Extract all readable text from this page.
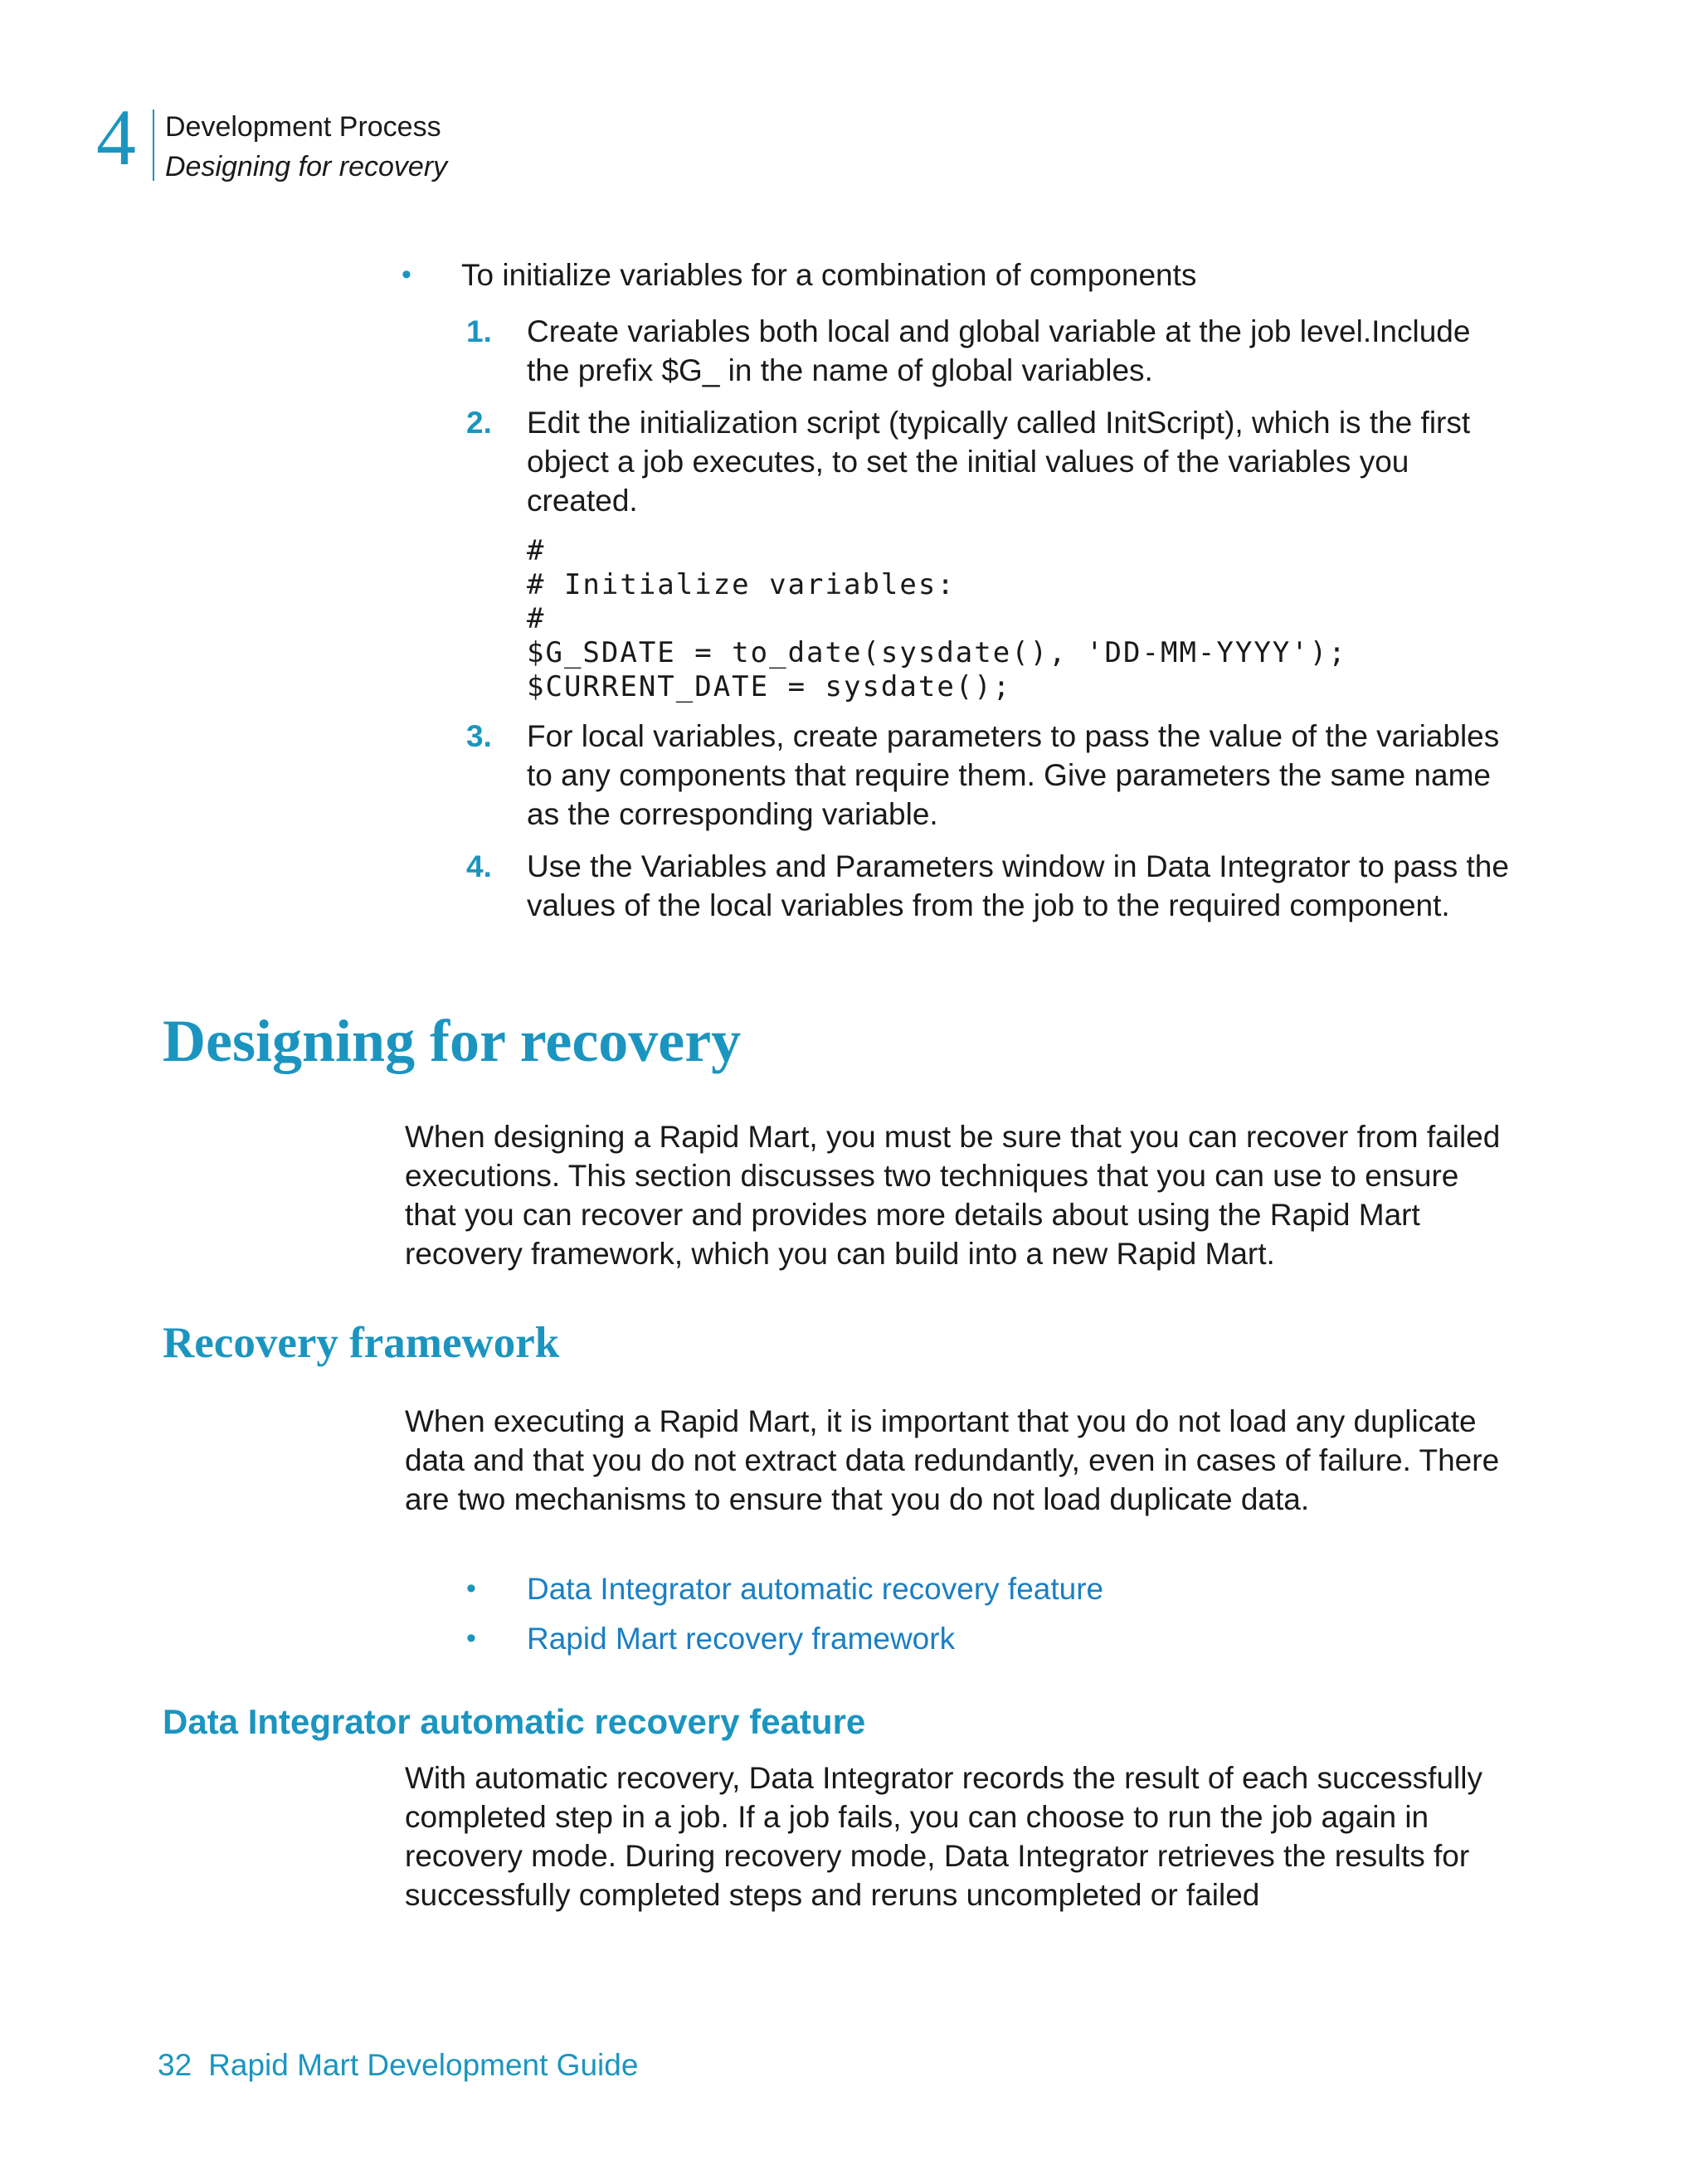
4 Development Process
Designing for recovery
•	To initialize variables for a combination of components
1.	Create variables both local and global variable at the job level.Include the prefix $G_ in the name of global variables.
2.	Edit the initialization script (typically called InitScript), which is the first object a job executes, to set the initial values of the variables you created.
#
# Initialize variables:
#
$G_SDATE = to_date(sysdate(), 'DD-MM-YYYY');
$CURRENT_DATE = sysdate();
3.	For local variables, create parameters to pass the value of the variables to any components that require them. Give parameters the same name as the corresponding variable.
4.	Use the Variables and Parameters window in Data Integrator to pass the values of the local variables from the job to the required component.
Designing for recovery

When designing a Rapid Mart, you must be sure that you can recover from failed executions. This section discusses two techniques that you can use to ensure that you can recover and provides more details about using the Rapid Mart recovery framework, which you can build into a new Rapid Mart.

Recovery framework

When executing a Rapid Mart, it is important that you do not load any duplicate data and that you do not extract data redundantly, even in cases of failure. There are two mechanisms to ensure that you do not load duplicate data.

•	Data Integrator automatic recovery feature
•	Rapid Mart recovery framework
Data Integrator automatic recovery feature

With automatic recovery, Data Integrator records the result of each successfully completed step in a job. If a job fails, you can choose to run the job again in recovery mode. During recovery mode, Data Integrator retrieves the results for successfully completed steps and reruns uncompleted or failed

32 Rapid Mart Development Guide
